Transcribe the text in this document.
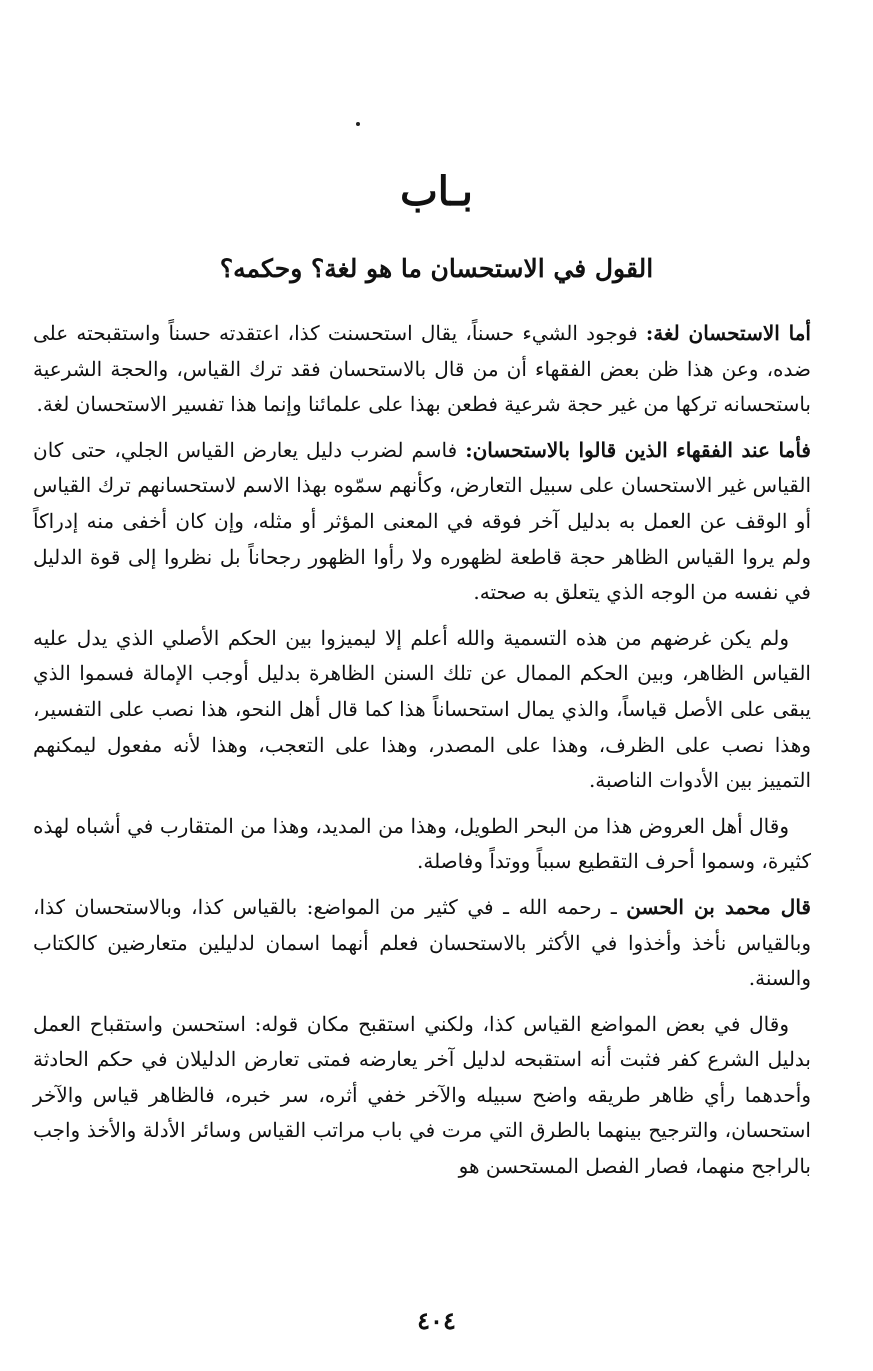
بـاب
القول في الاستحسان ما هو لغة؟ وحكمه؟

أما الاستحسان لغة: فوجود الشيء حسناً، يقال استحسنت كذا، اعتقدته حسناً واستقبحته على ضده، وعن هذا ظن بعض الفقهاء أن من قال بالاستحسان فقد ترك القياس، والحجة الشرعية باستحسانه تركها من غير حجة شرعية فطعن بهذا على علمائنا وإنما هذا تفسير الاستحسان لغة.

فأما عند الفقهاء الذين قالوا بالاستحسان: فاسم لضرب دليل يعارض القياس الجلي، حتى كان القياس غير الاستحسان على سبيل التعارض، وكأنهم سمّوه بهذا الاسم لاستحسانهم ترك القياس أو الوقف عن العمل به بدليل آخر فوقه في المعنى المؤثر أو مثله، وإن كان أخفى منه إدراكاً ولم يروا القياس الظاهر حجة قاطعة لظهوره ولا رأوا الظهور رجحاناً بل نظروا إلى قوة الدليل في نفسه من الوجه الذي يتعلق به صحته.

ولم يكن غرضهم من هذه التسمية والله أعلم إلا ليميزوا بين الحكم الأصلي الذي يدل عليه القياس الظاهر، وبين الحكم الممال عن تلك السنن الظاهرة بدليل أوجب الإمالة فسموا الذي يبقى على الأصل قياساً، والذي يمال استحساناً هذا كما قال أهل النحو، هذا نصب على التفسير، وهذا نصب على الظرف، وهذا على المصدر، وهذا على التعجب، وهذا لأنه مفعول ليمكنهم التمييز بين الأدوات الناصبة.

وقال أهل العروض هذا من البحر الطويل، وهذا من المديد، وهذا من المتقارب في أشباه لهذه كثيرة، وسموا أحرف التقطيع سبباً ووتداً وفاصلة.

قال محمد بن الحسن ـ رحمه الله ـ في كثير من المواضع: بالقياس كذا، وبالاستحسان كذا، وبالقياس نأخذ وأخذوا في الأكثر بالاستحسان فعلم أنهما اسمان لدليلين متعارضين كالكتاب والسنة.

وقال في بعض المواضع القياس كذا، ولكني استقبح مكان قوله: استحسن واستقباح العمل بدليل الشرع كفر فثبت أنه استقبحه لدليل آخر يعارضه فمتى تعارض الدليلان في حكم الحادثة وأحدهما رأي ظاهر طريقه واضح سبيله والآخر خفي أثره، سر خبره، فالظاهر قياس والآخر استحسان، والترجيح بينهما بالطرق التي مرت في باب مراتب القياس وسائر الأدلة والأخذ واجب بالراجح منهما، فصار الفصل المستحسن هو

٤٠٤
